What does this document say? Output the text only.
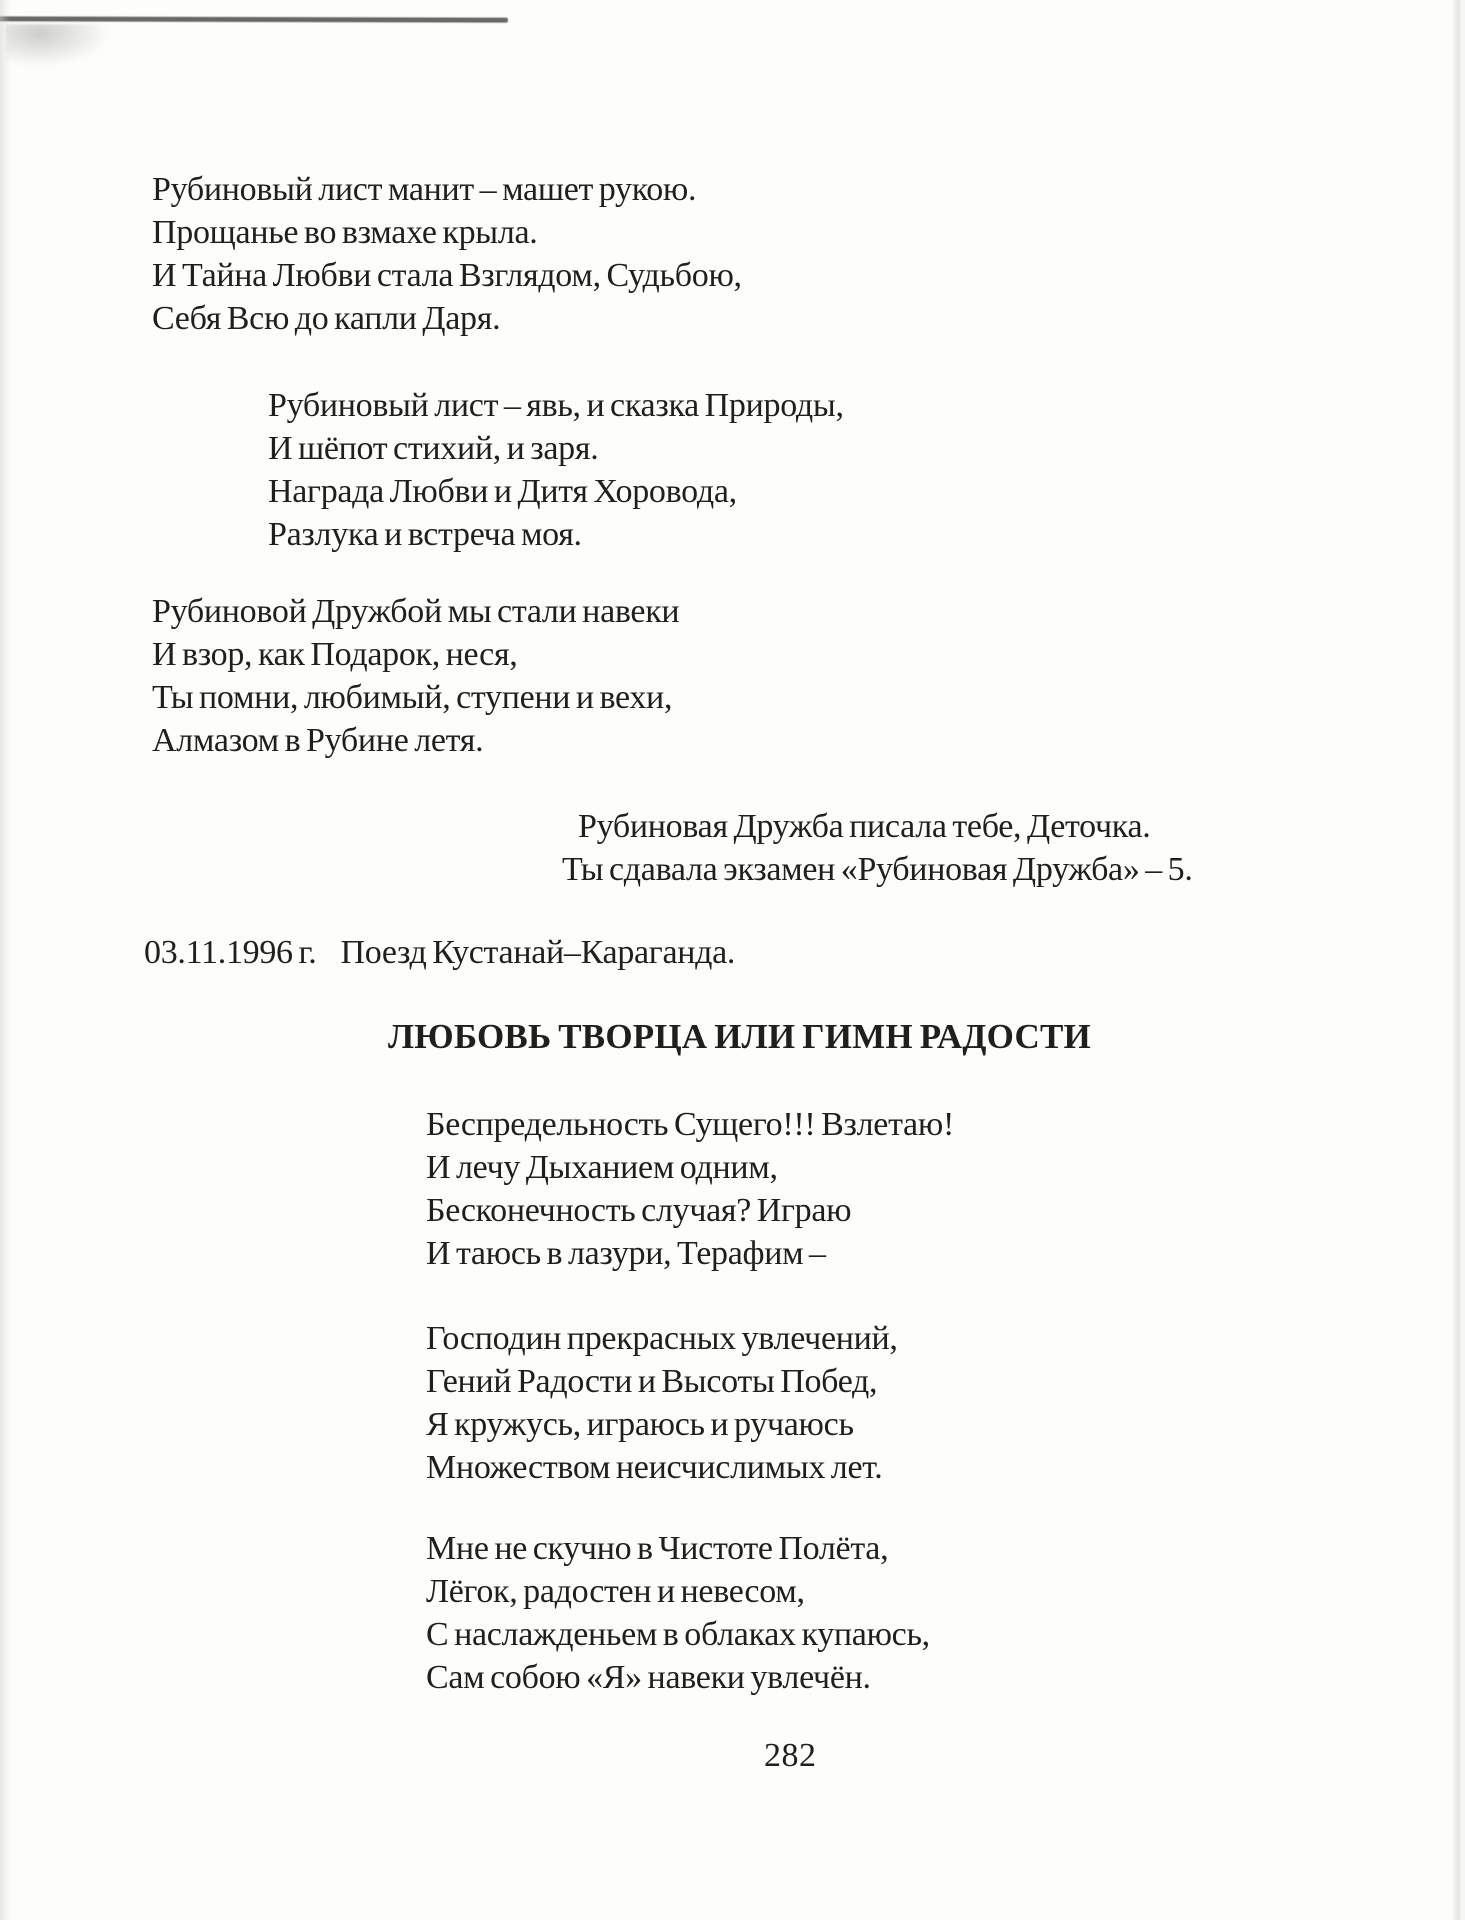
Рубиновый лист манит – машет рукою.
Прощанье во взмахе крыла.
И Тайна Любви стала Взглядом, Судьбою,
Себя Всю до капли Даря.
Рубиновый лист – явь, и сказка Природы,
И шёпот стихий, и заря.
Награда Любви и Дитя Хоровода,
Разлука и встреча моя.
Рубиновой Дружбой мы стали навеки
И взор, как Подарок, неся,
Ты помни, любимый, ступени и вехи,
Алмазом в Рубине летя.
Рубиновая Дружба писала тебе, Деточка.
Ты сдавала экзамен «Рубиновая Дружба» – 5.
03.11.1996 г. Поезд Кустанай–Караганда.
ЛЮБОВЬ ТВОРЦА ИЛИ ГИМН РАДОСТИ
Беспредельность Сущего!!! Взлетаю!
И лечу Дыханием одним,
Бесконечность случая? Играю
И таюсь в лазури, Терафим –
Господин прекрасных увлечений,
Гений Радости и Высоты Побед,
Я кружусь, играюсь и ручаюсь
Множеством неисчислимых лет.
Мне не скучно в Чистоте Полёта,
Лёгок, радостен и невесом,
С наслажденьем в облаках купаюсь,
Сам собою «Я» навеки увлечён.
282
